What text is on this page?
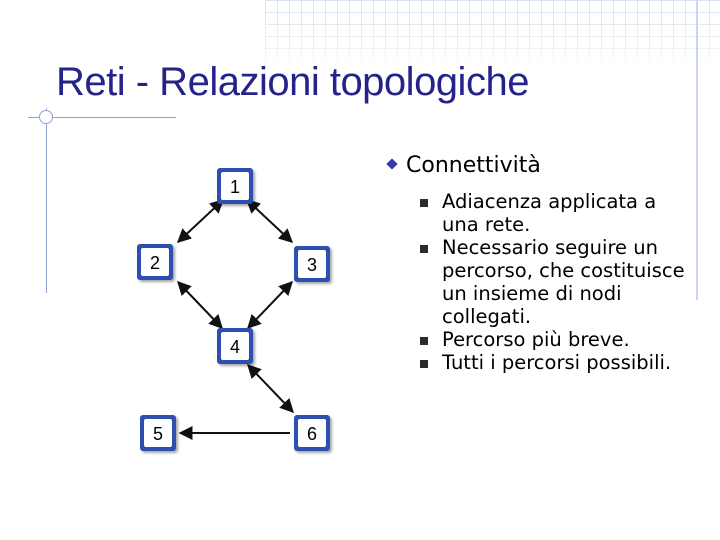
Reti - Relazioni topologiche
1
2	3
4
5	6
Connettività
Adiacenza applicata a una rete.
Necessario seguire un percorso, che costituisce un insieme di nodi collegati.
Percorso più breve.
Tutti i percorsi possibili.
